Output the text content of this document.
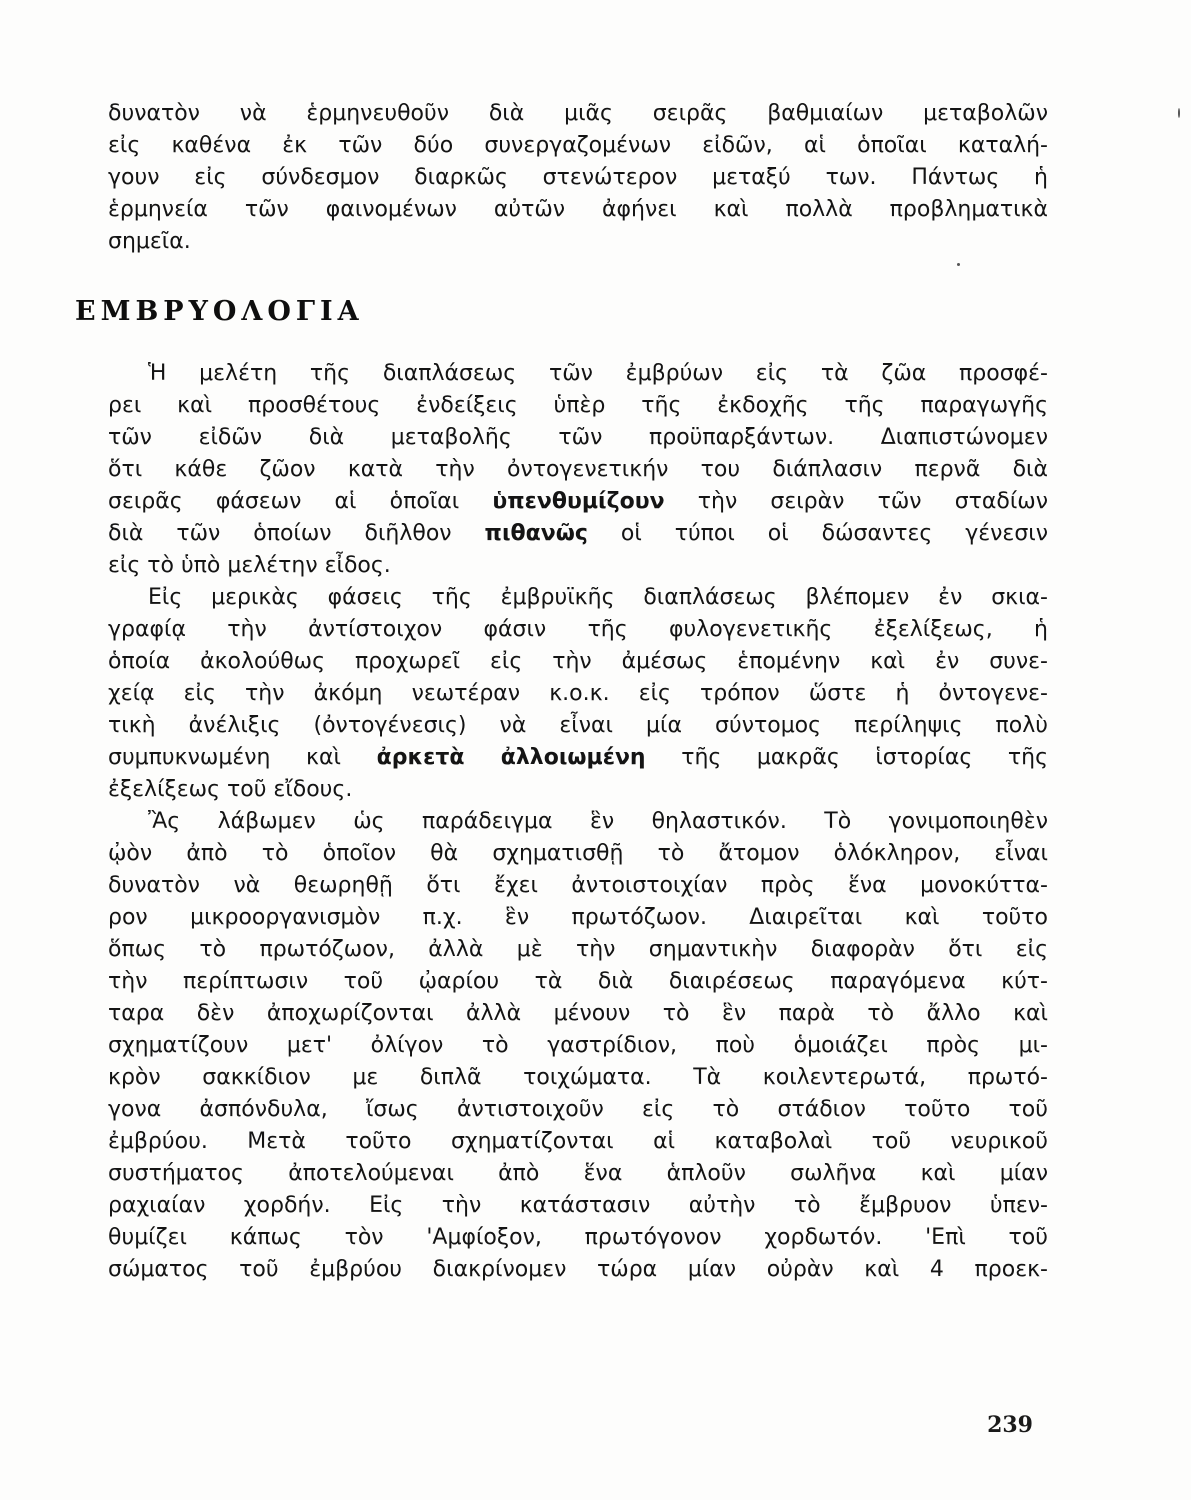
δυνατὸν νὰ ἑρμηνευθοῦν διὰ μιᾶς σειρᾶς βαθμιαίων μεταβολῶν
εἰς καθένα ἐκ τῶν δύο συνεργαζομένων εἰδῶν, αἱ ὁποῖαι καταλή-
γουν εἰς σύνδεσμον διαρκῶς στενώτερον μεταξύ των. Πάντως ἡ
ἑρμηνεία τῶν φαινομένων αὐτῶν ἀφήνει καὶ πολλὰ προβληματικὰ
σημεῖα.
ΕΜΒΡΥΟΛΟΓΙΑ
Ἡ μελέτη τῆς διαπλάσεως τῶν ἐμβρύων εἰς τὰ ζῶα προσφέ-
ρει καὶ προσθέτους ἐνδείξεις ὑπὲρ τῆς ἐκδοχῆς τῆς παραγωγῆς
τῶν εἰδῶν διὰ μεταβολῆς τῶν προϋπαρξάντων. Διαπιστώνομεν
ὅτι κάθε ζῶον κατὰ τὴν ὀντογενετικήν του διάπλασιν περνᾶ διὰ
σειρᾶς φάσεων αἱ ὁποῖαι ὑπενθυμίζουν τὴν σειρὰν τῶν σταδίων
διὰ τῶν ὁποίων διῆλθον πιθανῶς οἱ τύποι οἱ δώσαντες γένεσιν
εἰς τὸ ὑπὸ μελέτην εἶδος.
Εἰς μερικὰς φάσεις τῆς ἐμβρυϊκῆς διαπλάσεως βλέπομεν ἐν σκια-
γραφίᾳ τὴν ἀντίστοιχον φάσιν τῆς φυλογενετικῆς ἐξελίξεως, ἡ
ὁποία ἀκολούθως προχωρεῖ εἰς τὴν ἀμέσως ἑπομένην καὶ ἐν συνε-
χείᾳ εἰς τὴν ἀκόμη νεωτέραν κ.ο.κ. εἰς τρόπον ὥστε ἡ ὀντογενε-
τικὴ ἀνέλιξις (ὀντογένεσις) νὰ εἶναι μία σύντομος περίληψις πολὺ
συμπυκνωμένη καὶ ἀρκετὰ ἀλλοιωμένη τῆς μακρᾶς ἱστορίας τῆς
ἐξελίξεως τοῦ εἴδους.
Ἂς λάβωμεν ὡς παράδειγμα ἓν θηλαστικόν. Τὸ γονιμοποιηθὲν
ᾠὸν ἀπὸ τὸ ὁποῖον θὰ σχηματισθῇ τὸ ἄτομον ὁλόκληρον, εἶναι
δυνατὸν νὰ θεωρηθῇ ὅτι ἔχει ἀντοιστοιχίαν πρὸς ἕνα μονοκύττα-
ρον μικροοργανισμὸν π.χ. ἓν πρωτόζωον. Διαιρεῖται καὶ τοῦτο
ὅπως τὸ πρωτόζωον, ἀλλὰ μὲ τὴν σημαντικὴν διαφορὰν ὅτι εἰς
τὴν περίπτωσιν τοῦ ᾠαρίου τὰ διὰ διαιρέσεως παραγόμενα κύτ-
ταρα δὲν ἀποχωρίζονται ἀλλὰ μένουν τὸ ἓν παρὰ τὸ ἄλλο καὶ
σχηματίζουν μετ' ὀλίγον τὸ γαστρίδιον, ποὺ ὁμοιάζει πρὸς μι-
κρὸν σακκίδιον με διπλᾶ τοιχώματα. Τὰ κοιλεντερωτά, πρωτό-
γονα ἀσπόνδυλα, ἴσως ἀντιστοιχοῦν εἰς τὸ στάδιον τοῦτο τοῦ
ἐμβρύου. Μετὰ τοῦτο σχηματίζονται αἱ καταβολαὶ τοῦ νευρικοῦ
συστήματος ἀποτελούμεναι ἀπὸ ἕνα ἁπλοῦν σωλῆνα καὶ μίαν
ραχιαίαν χορδήν. Εἰς τὴν κατάστασιν αὐτὴν τὸ ἔμβρυον ὑπεν-
θυμίζει κάπως τὸν 'Αμφίοξον, πρωτόγονον χορδωτόν. 'Επὶ τοῦ
σώματος τοῦ ἐμβρύου διακρίνομεν τώρα μίαν οὐρὰν καὶ 4 προεκ-
239
